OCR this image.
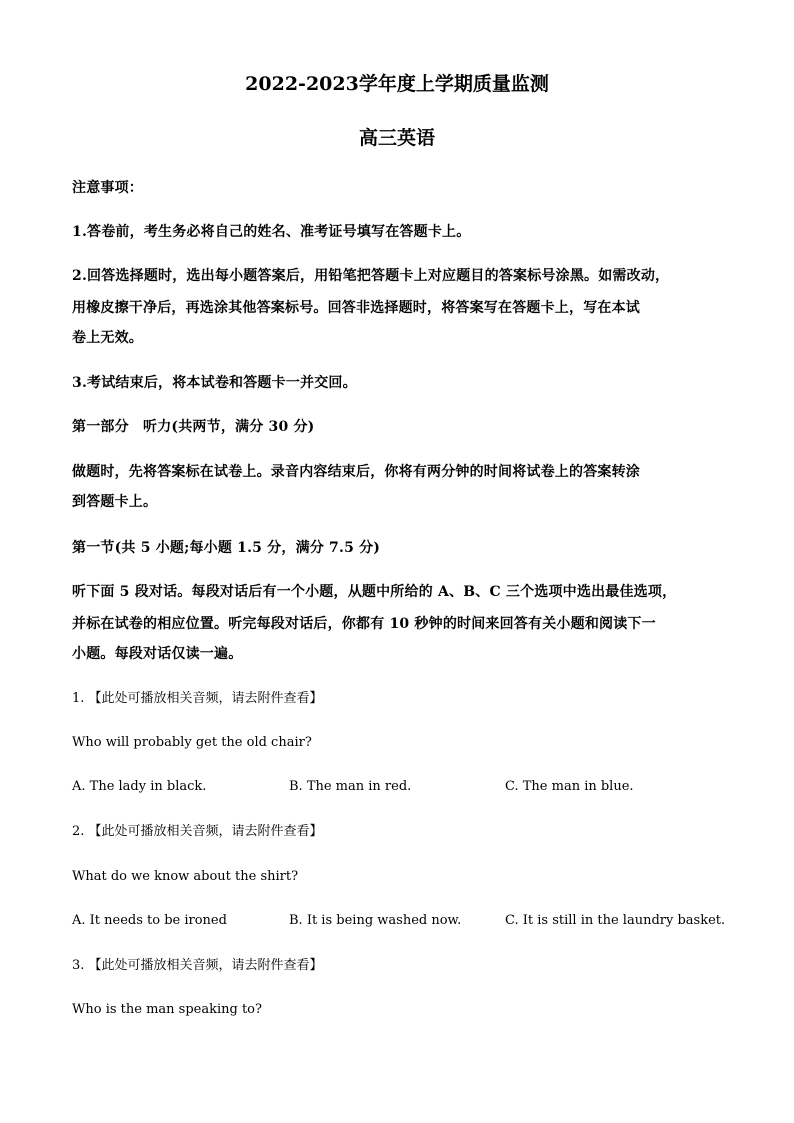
2022-2023学年度上学期质量监测
高三英语
注意事项：
1.答卷前，考生务必将自己的姓名、准考证号填写在答题卡上。
2.回答选择题时，选出每小题答案后，用铅笔把答题卡上对应题目的答案标号涂黑。如需改动，
用橡皮擦干净后，再选涂其他答案标号。回答非选择题时，将答案写在答题卡上，写在本试
卷上无效。
3.考试结束后，将本试卷和答题卡一并交回。
第一部分　听力(共两节，满分 30 分)
做题时，先将答案标在试卷上。录音内容结束后，你将有两分钟的时间将试卷上的答案转涂
到答题卡上。
第一节(共 5 小题;每小题 1.5 分，满分 7.5 分)
听下面 5 段对话。每段对话后有一个小题，从题中所给的 A、B、C 三个选项中选出最佳选项，
并标在试卷的相应位置。听完每段对话后，你都有 10 秒钟的时间来回答有关小题和阅读下一
小题。每段对话仅读一遍。
1. 【此处可播放相关音频，请去附件查看】
Who will probably get the old chair?
A. The lady in black.	B. The man in red.	C. The man in blue.
2. 【此处可播放相关音频，请去附件查看】
What do we know about the shirt?
A. It needs to be ironed	B. It is being washed now.	C. It is still in the laundry basket.
3. 【此处可播放相关音频，请去附件查看】
Who is the man speaking to?
